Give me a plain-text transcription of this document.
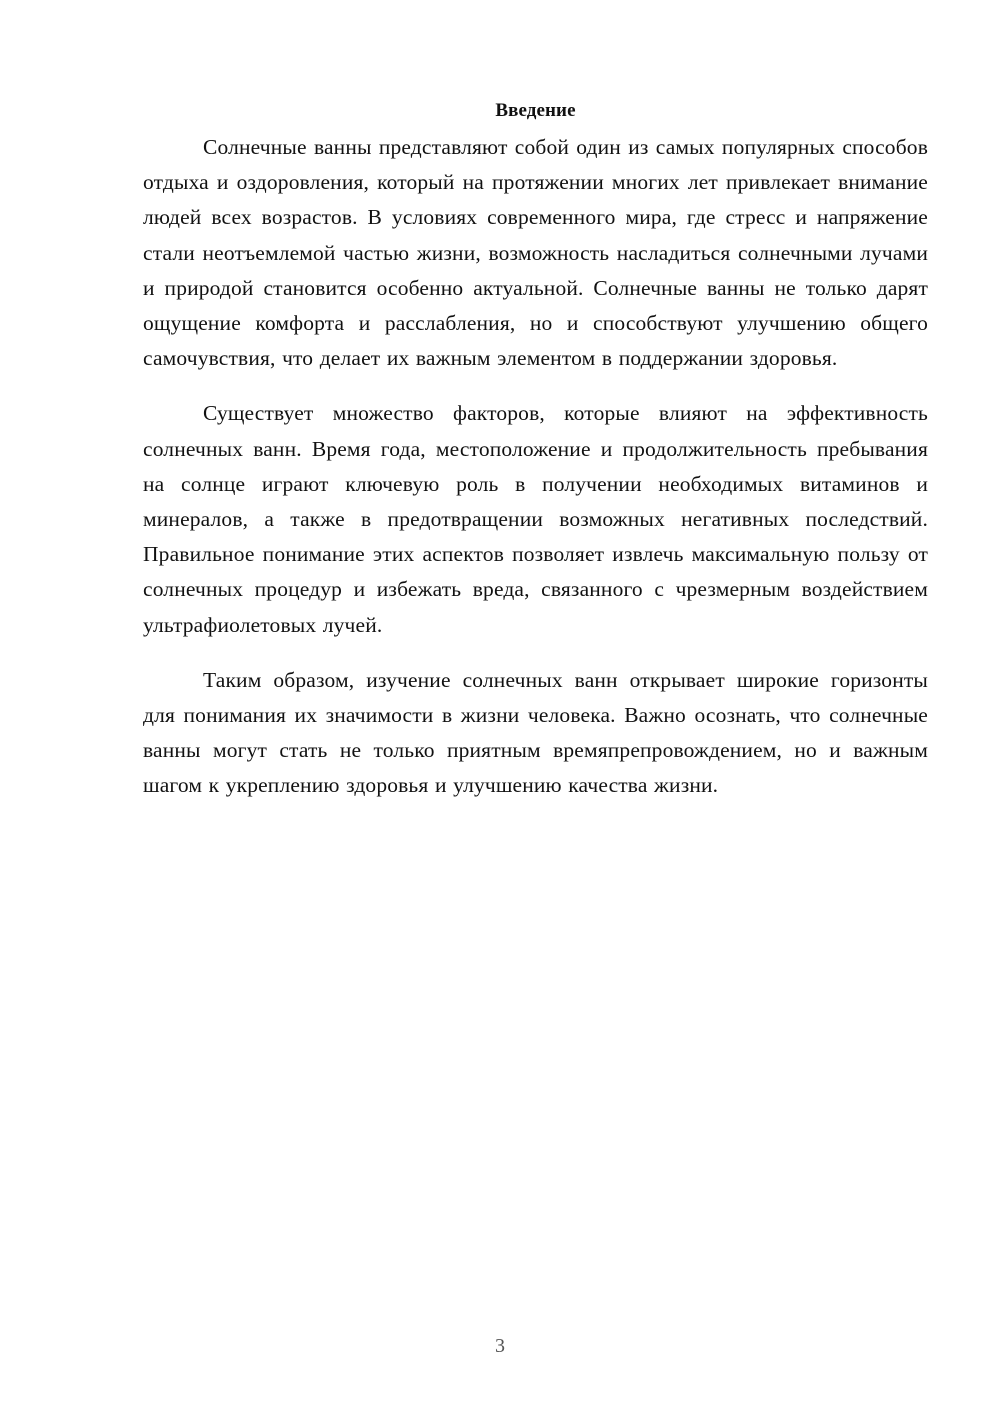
Введение

Солнечные ванны представляют собой один из самых популярных способов отдыха и оздоровления, который на протяжении многих лет привлекает внимание людей всех возрастов. В условиях современного мира, где стресс и напряжение стали неотъемлемой частью жизни, возможность насладиться солнечными лучами и природой становится особенно актуальной. Солнечные ванны не только дарят ощущение комфорта и расслабления, но и способствуют улучшению общего самочувствия, что делает их важным элементом в поддержании здоровья.

Существует множество факторов, которые влияют на эффективность солнечных ванн. Время года, местоположение и продолжительность пребывания на солнце играют ключевую роль в получении необходимых витаминов и минералов, а также в предотвращении возможных негативных последствий. Правильное понимание этих аспектов позволяет извлечь максимальную пользу от солнечных процедур и избежать вреда, связанного с чрезмерным воздействием ультрафиолетовых лучей.

Таким образом, изучение солнечных ванн открывает широкие горизонты для понимания их значимости в жизни человека. Важно осознать, что солнечные ванны могут стать не только приятным времяпрепровождением, но и важным шагом к укреплению здоровья и улучшению качества жизни.

3
